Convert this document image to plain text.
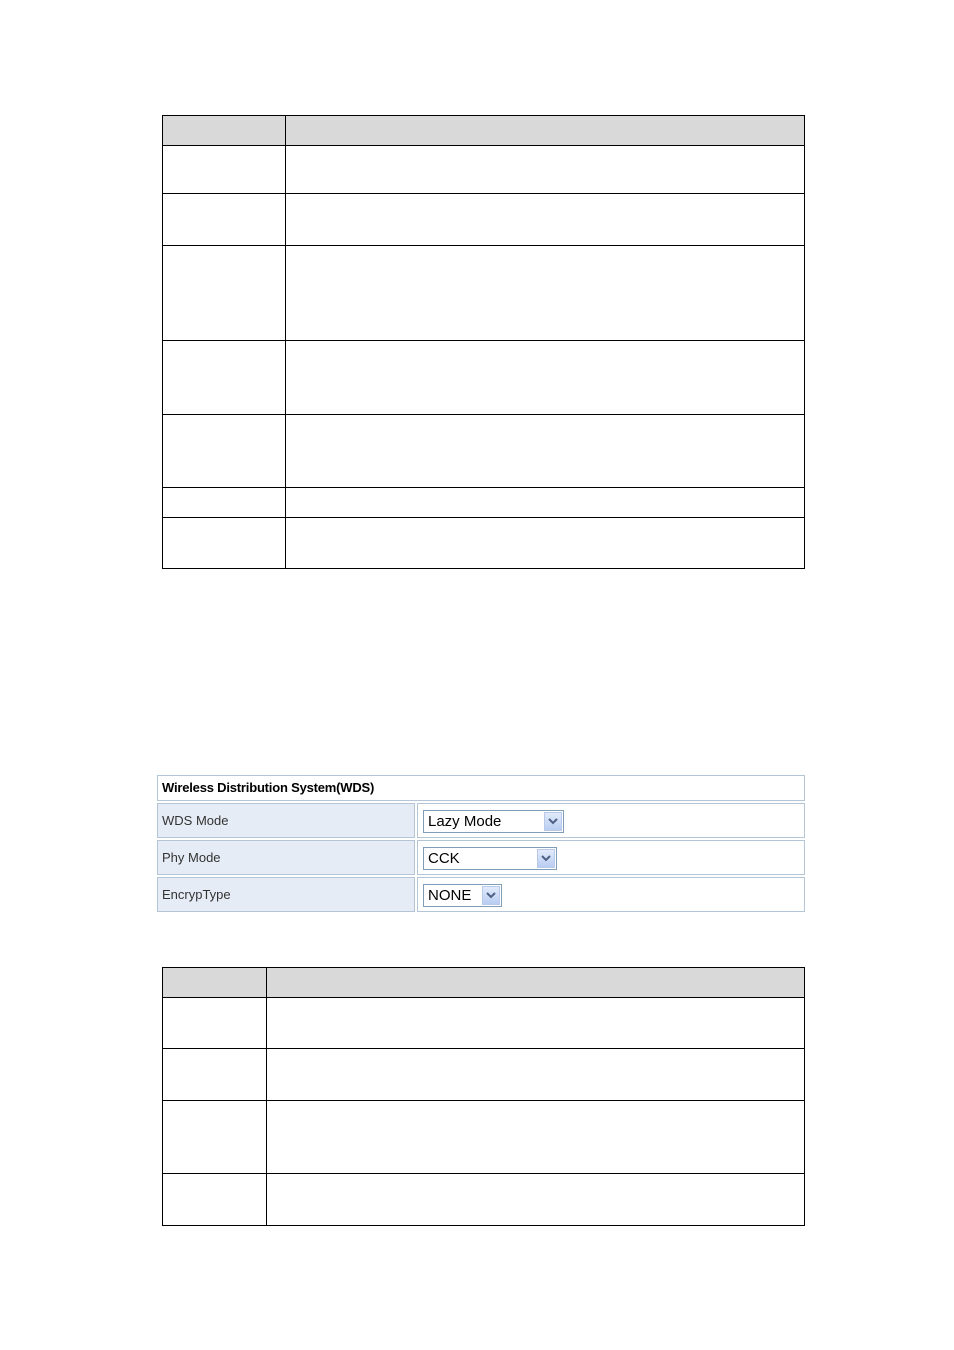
Wireless Distribution System(WDS)
WDS Mode	Lazy Mode
Phy Mode	CCK
EncrypType	NONE
